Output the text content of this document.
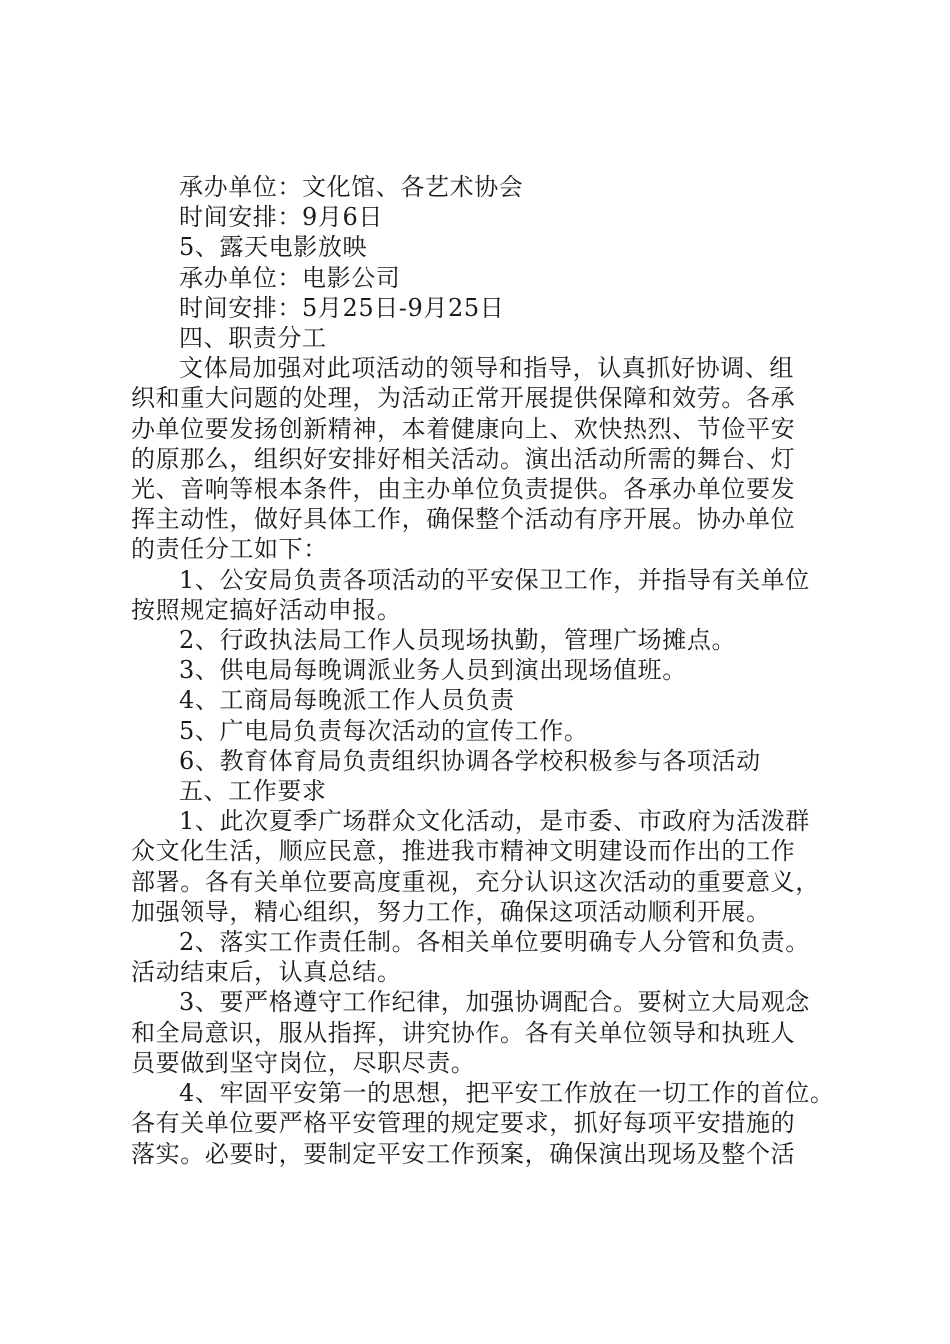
承办单位：文化馆、各艺术协会
时间安排：9月6日
5、露天电影放映
承办单位：电影公司
时间安排：5月25日-9月25日
四、职责分工
文体局加强对此项活动的领导和指导，认真抓好协调、组
织和重大问题的处理，为活动正常开展提供保障和效劳。各承
办单位要发扬创新精神，本着健康向上、欢快热烈、节俭平安
的原那么，组织好安排好相关活动。演出活动所需的舞台、灯
光、音响等根本条件，由主办单位负责提供。各承办单位要发
挥主动性，做好具体工作，确保整个活动有序开展。协办单位
的责任分工如下：
1、公安局负责各项活动的平安保卫工作，并指导有关单位
按照规定搞好活动申报。
2、行政执法局工作人员现场执勤，管理广场摊点。
3、供电局每晚调派业务人员到演出现场值班。
4、工商局每晚派工作人员负责
5、广电局负责每次活动的宣传工作。
6、教育体育局负责组织协调各学校积极参与各项活动
五、工作要求
1、此次夏季广场群众文化活动，是市委、市政府为活泼群
众文化生活，顺应民意，推进我市精神文明建设而作出的工作
部署。各有关单位要高度重视，充分认识这次活动的重要意义，
加强领导，精心组织，努力工作，确保这项活动顺利开展。
2、落实工作责任制。各相关单位要明确专人分管和负责。
活动结束后，认真总结。
3、要严格遵守工作纪律，加强协调配合。要树立大局观念
和全局意识，服从指挥，讲究协作。各有关单位领导和执班人
员要做到坚守岗位，尽职尽责。
4、牢固平安第一的思想，把平安工作放在一切工作的首位。
各有关单位要严格平安管理的规定要求，抓好每项平安措施的
落实。必要时，要制定平安工作预案，确保演出现场及整个活
